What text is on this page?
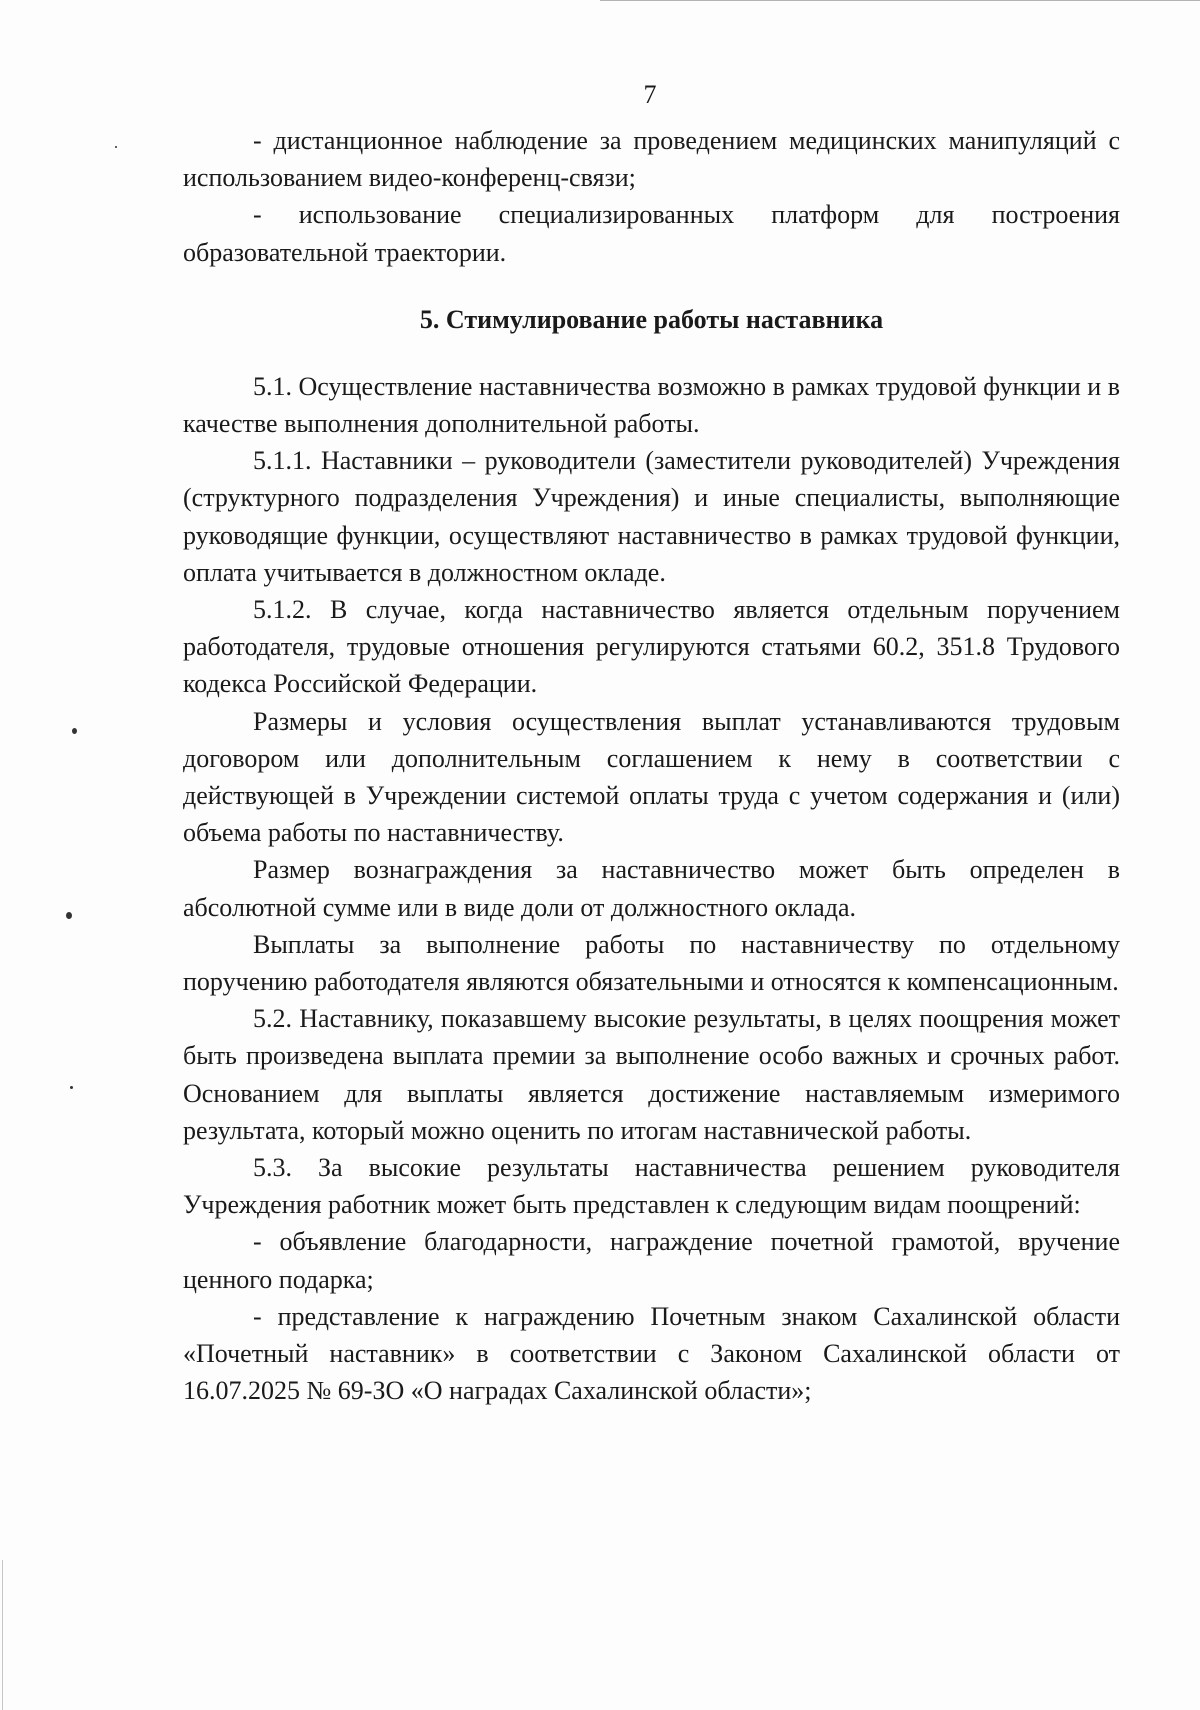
7

- дистанционное наблюдение за проведением медицинских манипуляций с использованием видео-конференц-связи;

- использование специализированных платформ для построения образовательной траектории.

5. Стимулирование работы наставника

5.1. Осуществление наставничества возможно в рамках трудовой функции и в качестве выполнения дополнительной работы.

5.1.1. Наставники – руководители (заместители руководителей) Учреждения (структурного подразделения Учреждения) и иные специалисты, выполняющие руководящие функции, осуществляют наставничество в рамках трудовой функции, оплата учитывается в должностном окладе.

5.1.2. В случае, когда наставничество является отдельным поручением работодателя, трудовые отношения регулируются статьями 60.2, 351.8 Трудового кодекса Российской Федерации.

Размеры и условия осуществления выплат устанавливаются трудовым договором или дополнительным соглашением к нему в соответствии с действующей в Учреждении системой оплаты труда с учетом содержания и (или) объема работы по наставничеству.

Размер вознаграждения за наставничество может быть определен в абсолютной сумме или в виде доли от должностного оклада.

Выплаты за выполнение работы по наставничеству по отдельному поручению работодателя являются обязательными и относятся к компенсационным.

5.2. Наставнику, показавшему высокие результаты, в целях поощрения может быть произведена выплата премии за выполнение особо важных и срочных работ. Основанием для выплаты является достижение наставляемым измеримого результата, который можно оценить по итогам наставнической работы.

5.3. За высокие результаты наставничества решением руководителя Учреждения работник может быть представлен к следующим видам поощрений:

- объявление благодарности, награждение почетной грамотой, вручение ценного подарка;

- представление к награждению Почетным знаком Сахалинской области «Почетный наставник» в соответствии с Законом Сахалинской области от 16.07.2025 № 69-ЗО «О наградах Сахалинской области»;
